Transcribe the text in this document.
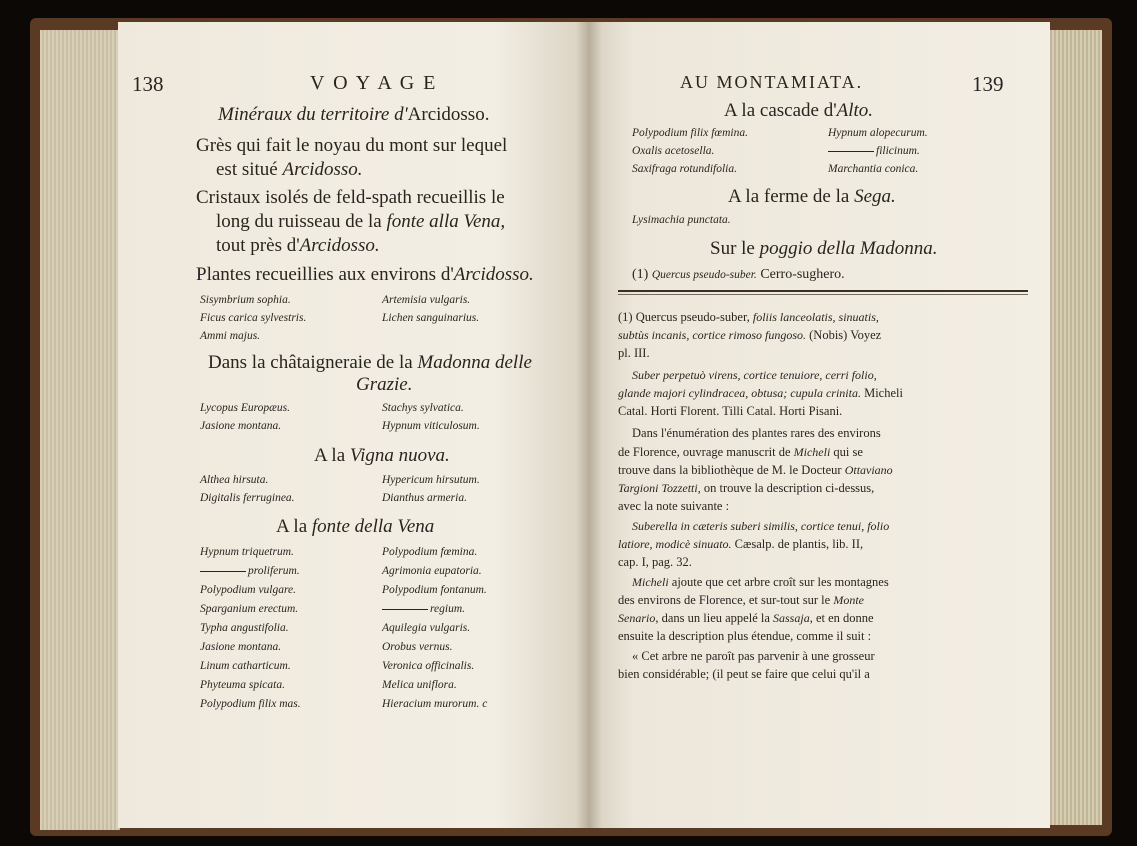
138	V O Y A G E
Minéraux du territoire d'Arcidosso.
Grès qui fait le noyau du mont sur lequel
est situé Arcidosso.
Cristaux isolés de feld-spath recueillis le
long du ruisseau de la fonte alla Vena,
tout près d'Arcidosso.
Plantes recueillies aux environs d'Arcidosso.
Sisymbrium sophia.	Artemisia vulgaris.
Ficus carica sylvestris.	Lichen sanguinarius.
Ammi majus.
Dans la châtaigneraie de la Madonna delle
Grazie.
Lycopus Europæus.	Stachys sylvatica.
Jasione montana.	Hypnum viticulosum.
A la Vigna nuova.
Althea hirsuta.	Hypericum hirsutum.
Digitalis ferruginea.	Dianthus armeria.
A la fonte della Vena
Hypnum triquetrum.	Polypodium fœmina.
proliferum.	Agrimonia eupatoria.
Polypodium vulgare.	Polypodium fontanum.
Sparganium erectum.	regium.
Typha angustifolia.	Aquilegia vulgaris.
Jasione montana.	Orobus vernus.
Linum catharticum.	Veronica officinalis.
Phyteuma spicata.	Melica uniflora.
Polypodium filix mas.	Hieracium murorum. c
AU MONTAMIATA.	139
A la cascade d'Alto.
Polypodium filix fœmina.	Hypnum alopecurum.
Oxalis acetosella.	filicinum.
Saxifraga rotundifolia.	Marchantia conica.
A la ferme de la Sega.
Lysimachia punctata.
Sur le poggio della Madonna.
(1) Quercus pseudo-suber. Cerro-sughero.
(1) Quercus pseudo-suber, foliis lanceolatis, sinuatis,
subtùs incanis, cortice rimoso fungoso. (Nobis) Voyez
pl. III.
Suber perpetuò virens, cortice tenuiore, cerri folio,
glande majori cylindracea, obtusa; cupula crinita. Micheli
Catal. Horti Florent. Tilli Catal. Horti Pisani.
Dans l'énumération des plantes rares des environs
de Florence, ouvrage manuscrit de Micheli qui se
trouve dans la bibliothèque de M. le Docteur Ottaviano
Targioni Tozzetti, on trouve la description ci-dessus,
avec la note suivante :
Suberella in cæteris suberi similis, cortice tenui, folio
latiore, modicè sinuato. Cæsalp. de plantis, lib. II,
cap. I, pag. 32.
Micheli ajoute que cet arbre croît sur les montagnes
des environs de Florence, et sur-tout sur le Monte
Senario, dans un lieu appelé la Sassaja, et en donne
ensuite la description plus étendue, comme il suit :
« Cet arbre ne paroît pas parvenir à une grosseur
bien considérable; (il peut se faire que celui qu'il a
